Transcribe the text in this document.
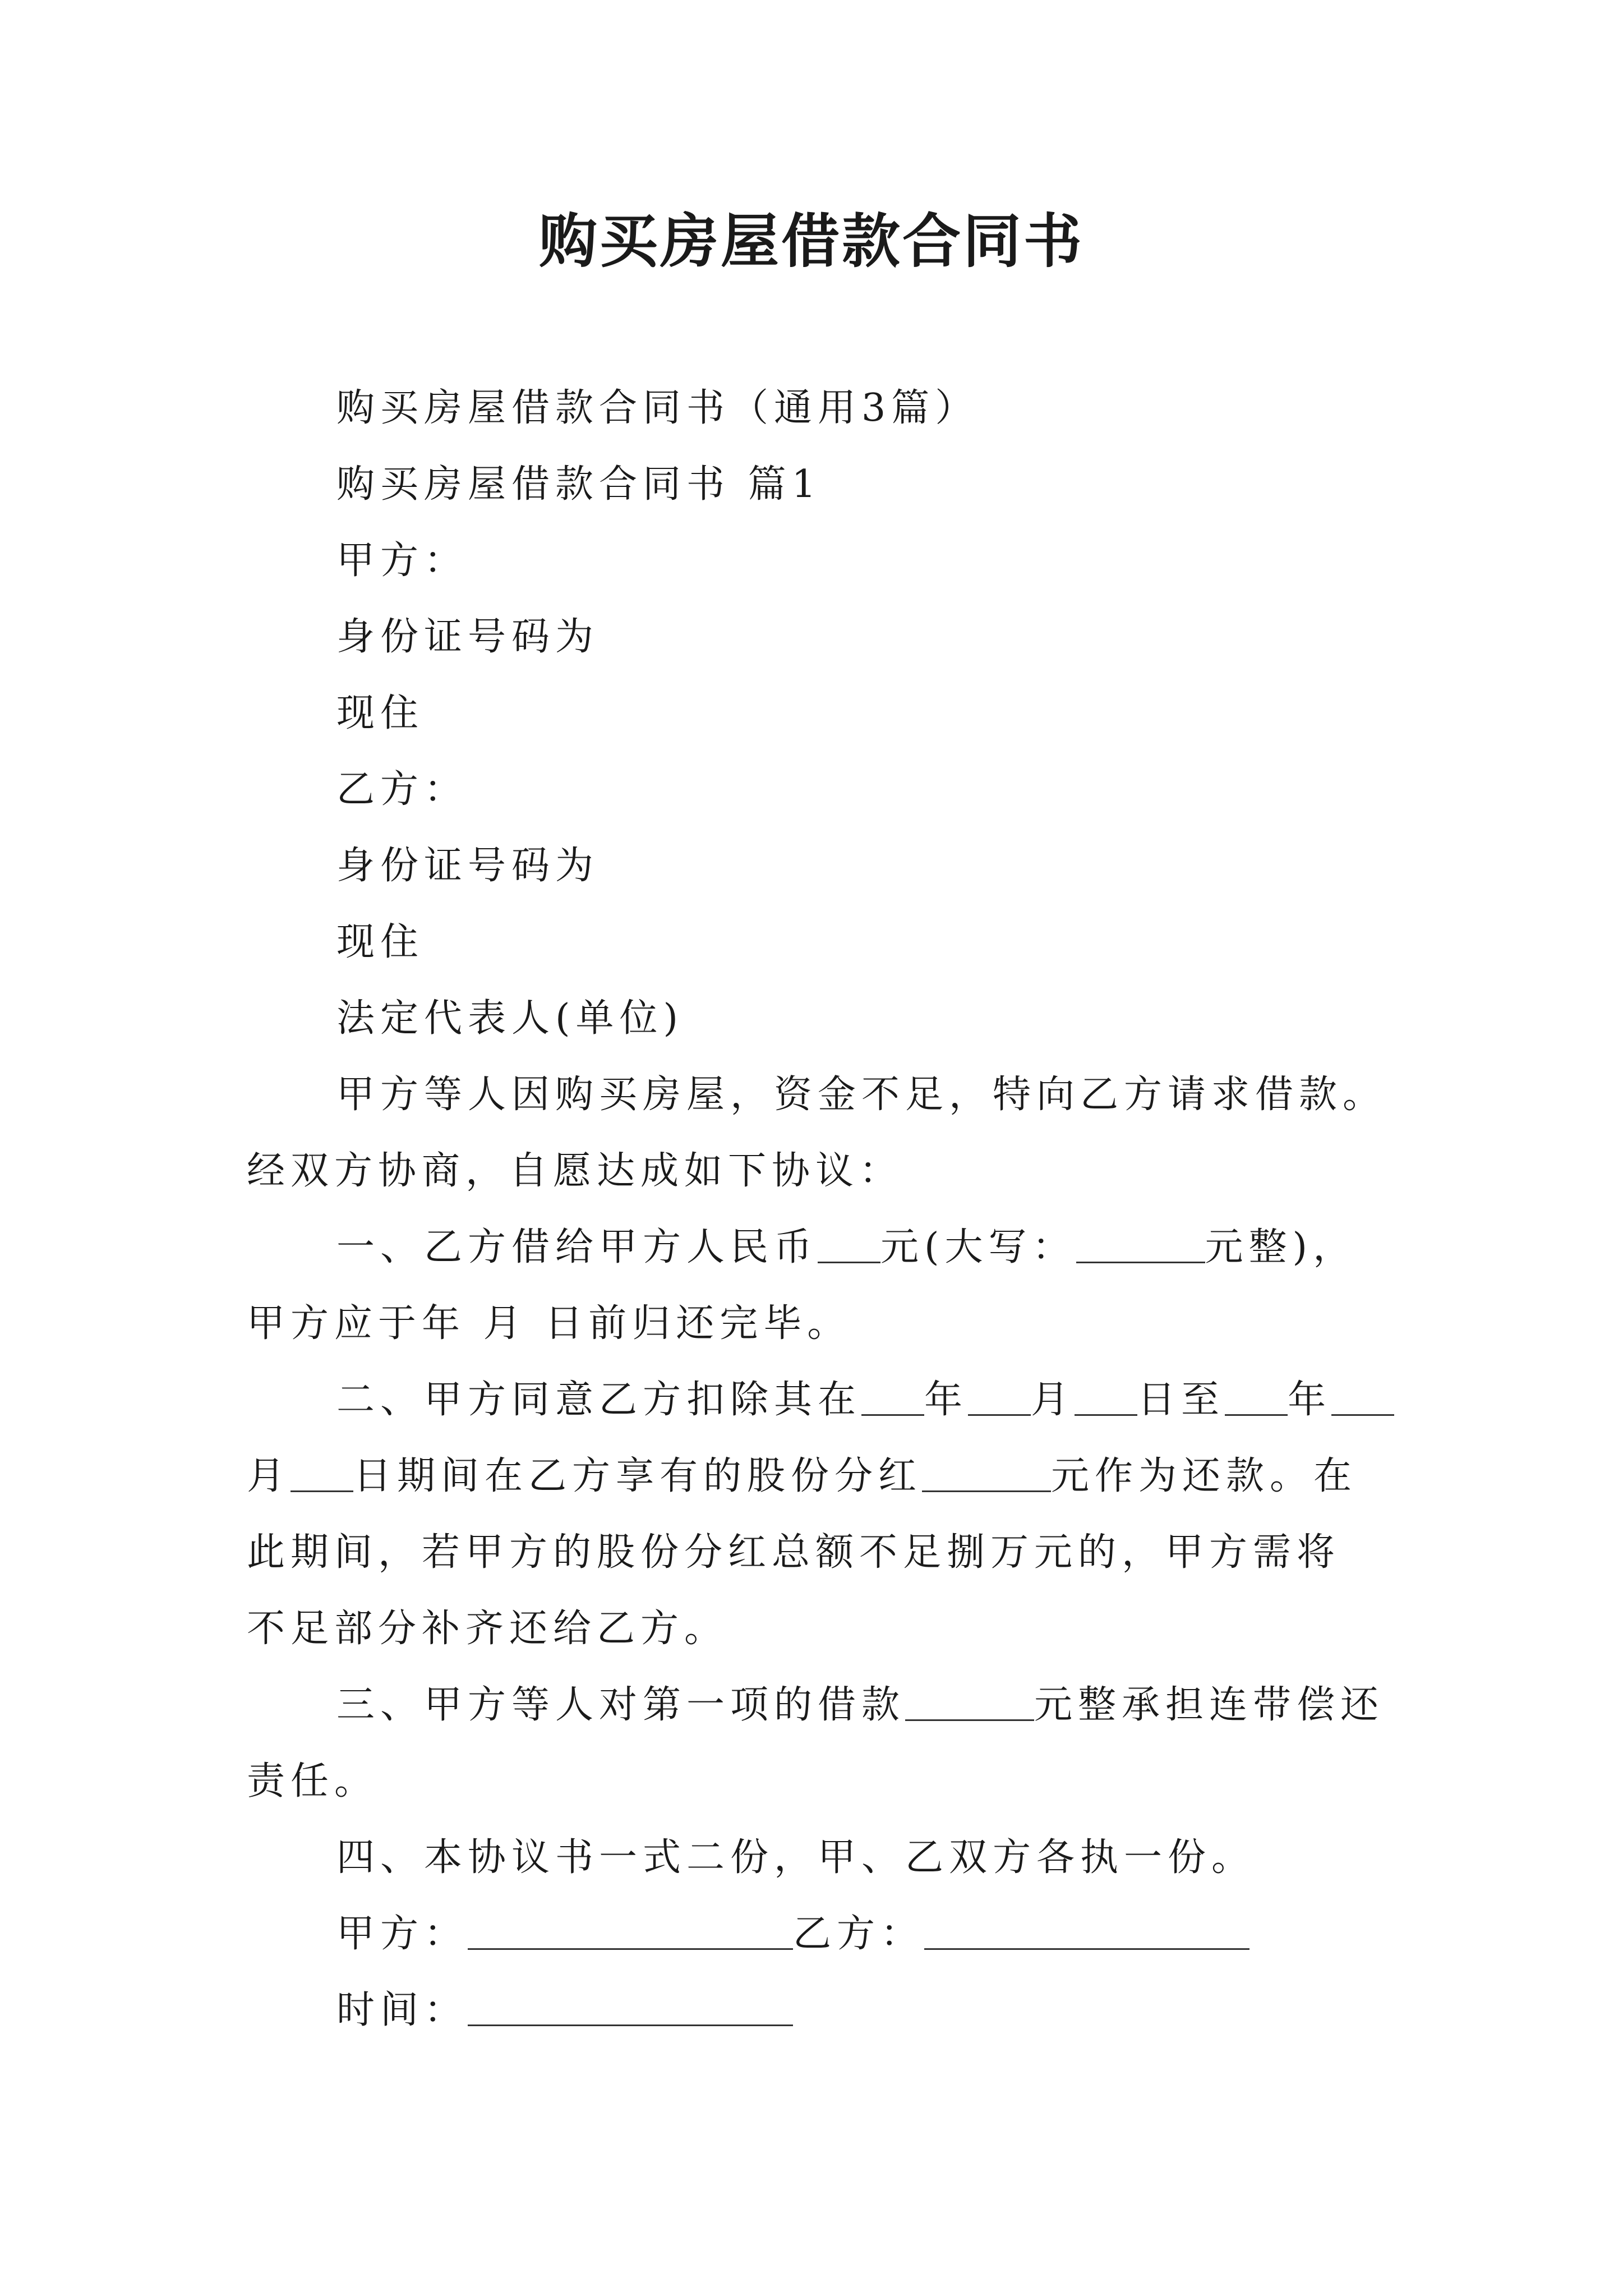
购买房屋借款合同书

购买房屋借款合同书（通用3篇）

购买房屋借款合同书 篇1

甲方：

身份证号码为

现住

乙方：

身份证号码为

现住

法定代表人(单位)

甲方等人因购买房屋，资金不足，特向乙方请求借款。经双方协商，自愿达成如下协议：

一、乙方借给甲方人民币 元(大写：	元整)，

甲方应于年 月 日前归还完毕。

二、甲方同意乙方扣除其在 年 月 日至 年

月 日期间在乙方享有的股份分红	元作为还款。在

此期间，若甲方的股份分红总额不足捌万元的，甲方需将

不足部分补齐还给乙方。

三、甲方等人对第一项的借款	元整承担连带偿还

责任。

四、本协议书一式二份，甲、乙双方各执一份。

甲方：	乙方：

时间：
